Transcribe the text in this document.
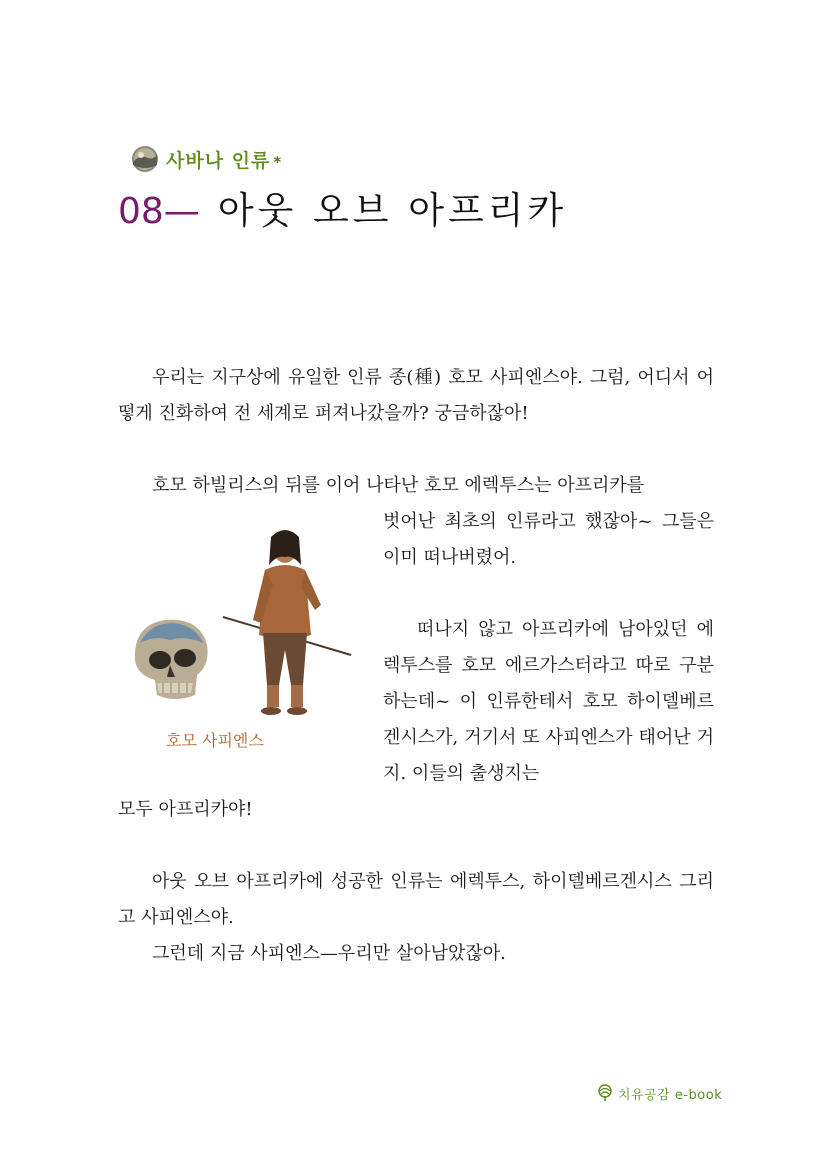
사바나 인류 *
08— 아웃 오브 아프리카
우리는 지구상에 유일한 인류 종(種) 호모 사피엔스야. 그럼, 어디서 어떻게 진화하여 전 세계로 퍼져나갔을까? 궁금하잖아!
호모 하빌리스의 뒤를 이어 나타난 호모 에렉투스는 아프리카를
벗어난 최초의 인류라고 했잖아~ 그들은 이미 떠나버렸어.
떠나지 않고 아프리카에 남아있던 에렉투스를 호모 에르가스터라고 따로 구분하는데~ 이 인류한테서 호모 하이델베르겐시스가, 거기서 또 사피엔스가 태어난 거지. 이들의 출생지는
모두 아프리카야!
아웃 오브 아프리카에 성공한 인류는 에렉투스, 하이델베르겐시스 그리고 사피엔스야.
그런데 지금 사피엔스—우리만 살아남았잖아.
호모 사피엔스
치유공감 e-book
